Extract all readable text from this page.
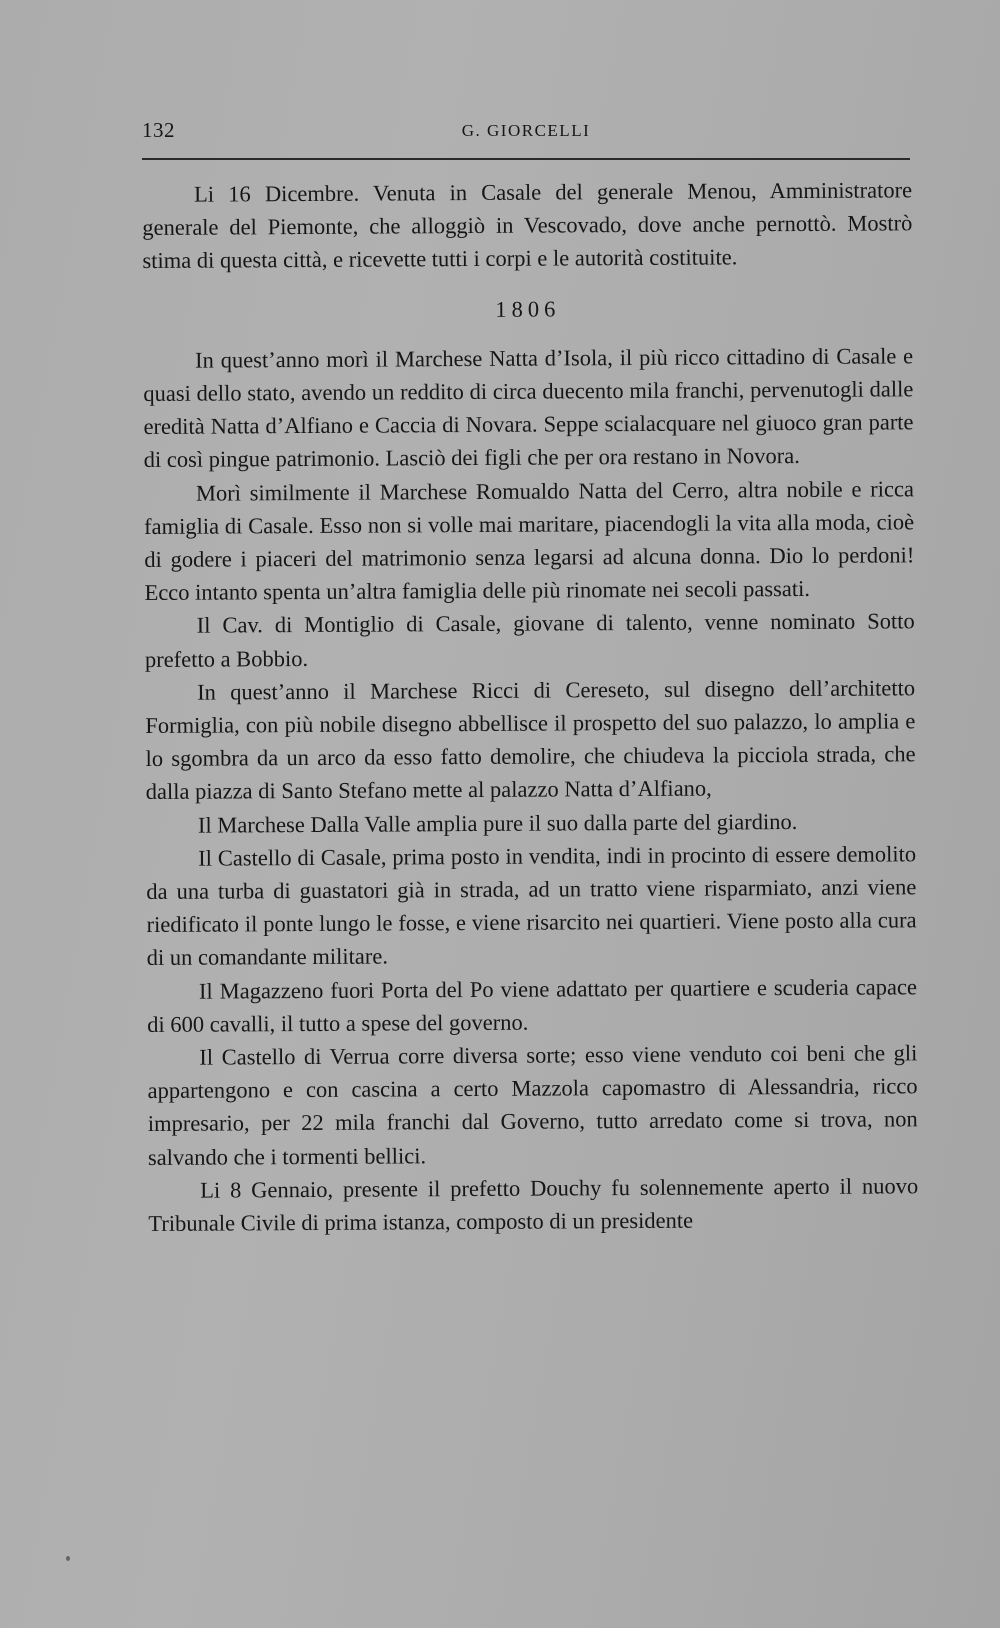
132	G. GIORCELLI

Li 16 Dicembre. Venuta in Casale del generale Menou, Amministratore generale del Piemonte, che alloggiò in Vescovado, dove anche pernottò. Mostrò stima di questa città, e ricevette tutti i corpi e le autorità costituite.

1806

In quest’anno morì il Marchese Natta d’Isola, il più ricco cittadino di Casale e quasi dello stato, avendo un reddito di circa duecento mila franchi, pervenutogli dalle eredità Natta d’Alfiano e Caccia di Novara. Seppe scialacquare nel giuoco gran parte di così pingue patrimonio. Lasciò dei figli che per ora restano in Novora.

Morì similmente il Marchese Romualdo Natta del Cerro, altra nobile e ricca famiglia di Casale. Esso non si volle mai maritare, piacendogli la vita alla moda, cioè di godere i piaceri del matrimonio senza legarsi ad alcuna donna. Dio lo perdoni! Ecco intanto spenta un’altra famiglia delle più rinomate nei secoli passati.

Il Cav. di Montiglio di Casale, giovane di talento, venne nominato Sotto prefetto a Bobbio.

In quest’anno il Marchese Ricci di Cereseto, sul disegno dell’architetto Formiglia, con più nobile disegno abbellisce il prospetto del suo palazzo, lo amplia e lo sgombra da un arco da esso fatto demolire, che chiudeva la picciola strada, che dalla piazza di Santo Stefano mette al palazzo Natta d’Alfiano,

Il Marchese Dalla Valle amplia pure il suo dalla parte del giardino.

Il Castello di Casale, prima posto in vendita, indi in procinto di essere demolito da una turba di guastatori già in strada, ad un tratto viene risparmiato, anzi viene riedificato il ponte lungo le fosse, e viene risarcito nei quartieri. Viene posto alla cura di un comandante militare.

Il Magazzeno fuori Porta del Po viene adattato per quartiere e scuderia capace di 600 cavalli, il tutto a spese del governo.

Il Castello di Verrua corre diversa sorte; esso viene venduto coi beni che gli appartengono e con cascina a certo Mazzola capomastro di Alessandria, ricco impresario, per 22 mila franchi dal Governo, tutto arredato come si trova, non salvando che i tormenti bellici.

Li 8 Gennaio, presente il prefetto Douchy fu solennemente aperto il nuovo Tribunale Civile di prima istanza, composto di un presidente
